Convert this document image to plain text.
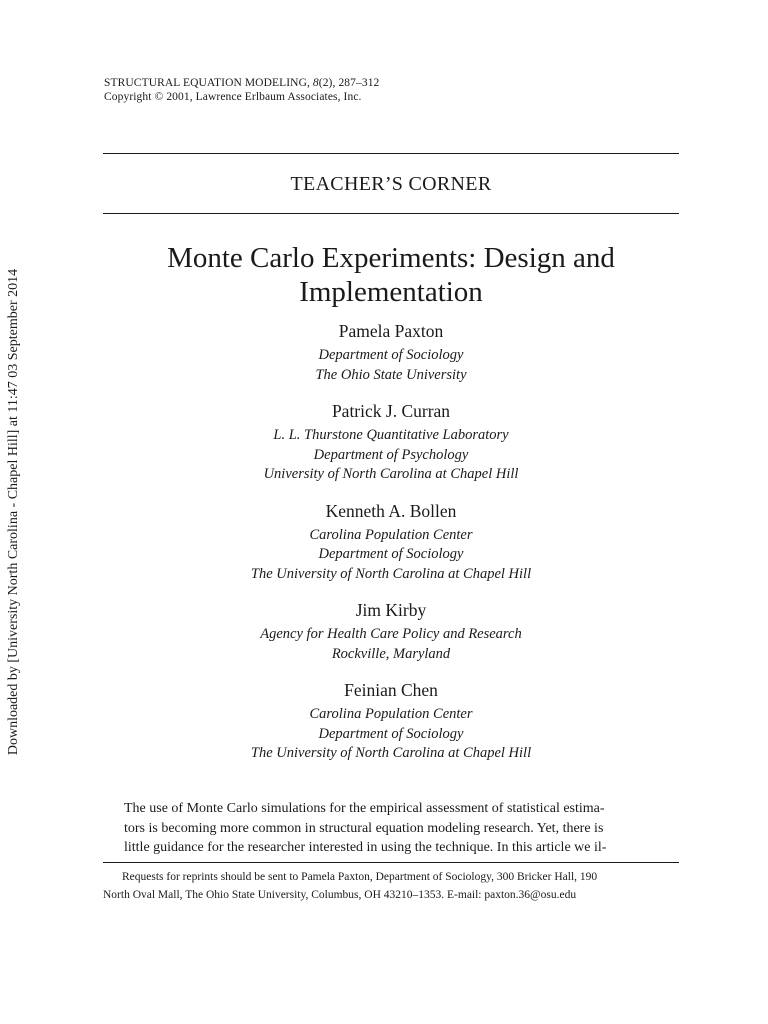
STRUCTURAL EQUATION MODELING, 8(2), 287–312
Copyright © 2001, Lawrence Erlbaum Associates, Inc.
TEACHER’S CORNER
Monte Carlo Experiments: Design and
Implementation
Pamela Paxton
Department of Sociology
The Ohio State University
Patrick J. Curran
L. L. Thurstone Quantitative Laboratory
Department of Psychology
University of North Carolina at Chapel Hill
Kenneth A. Bollen
Carolina Population Center
Department of Sociology
The University of North Carolina at Chapel Hill
Jim Kirby
Agency for Health Care Policy and Research
Rockville, Maryland
Feinian Chen
Carolina Population Center
Department of Sociology
The University of North Carolina at Chapel Hill
The use of Monte Carlo simulations for the empirical assessment of statistical estima-
tors is becoming more common in structural equation modeling research. Yet, there is
little guidance for the researcher interested in using the technique. In this article we il-
Requests for reprints should be sent to Pamela Paxton, Department of Sociology, 300 Bricker Hall, 190
North Oval Mall, The Ohio State University, Columbus, OH 43210–1353. E-mail: paxton.36@osu.edu
Downloaded by [University North Carolina - Chapel Hill] at 11:47 03 September 2014
